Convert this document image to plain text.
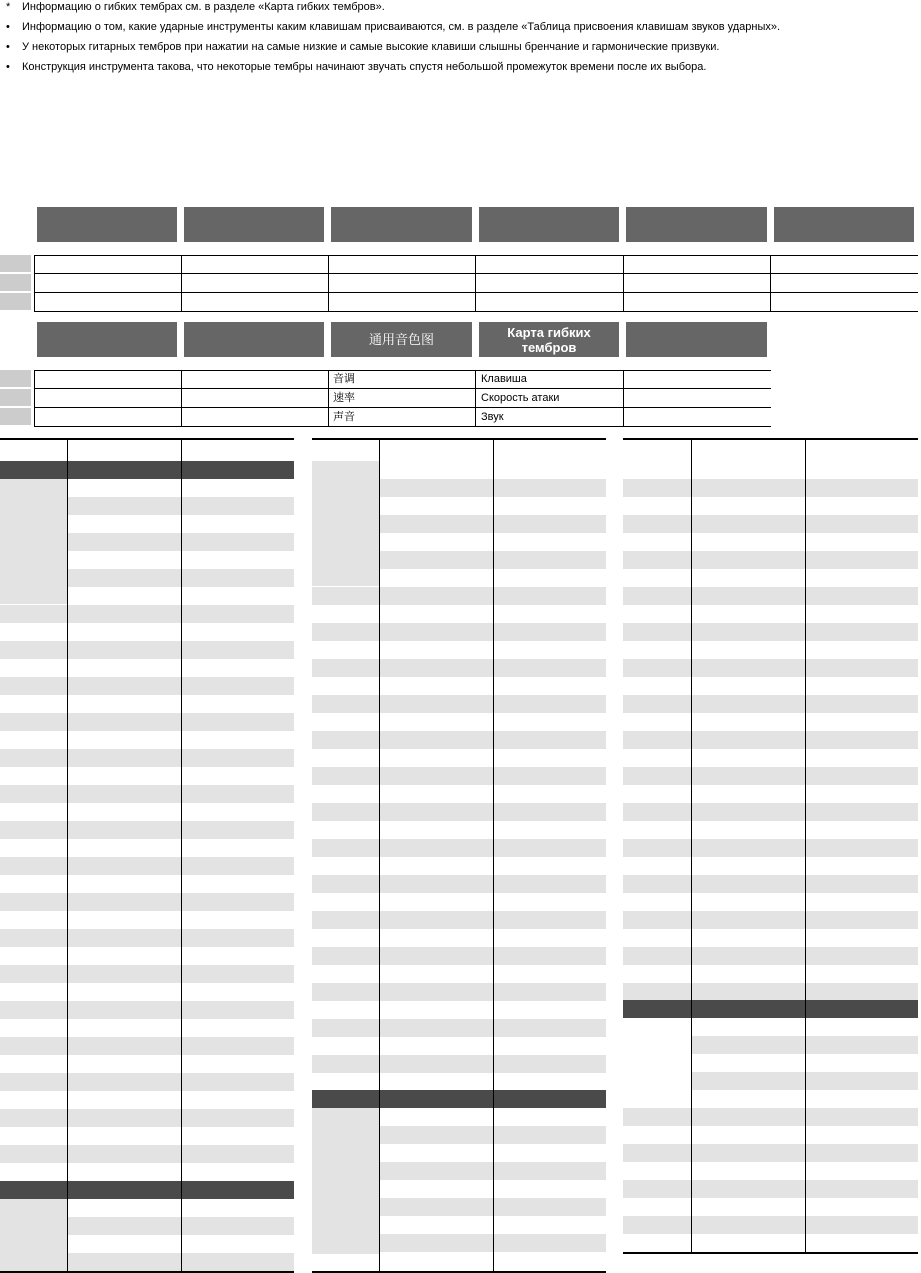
*	Информацию о гибких тембрах см. в разделе «Карта гибких тембров».
•	Информацию о том, какие ударные инструменты каким клавишам присваиваются, см. в разделе «Таблица присвоения клавишам звуков ударных».
•	У некоторых гитарных тембров при нажатии на самые низкие и самые высокие клавиши слышны бренчание и гармонические призвуки.
•	Конструкция инструмента такова, что некоторые тембры начинают звучать спустя небольшой промежуток времени после их выбора.
通用音色图	Карта гибких
тембров
音调	Клавиша
速率	Скорость атаки
声音	Звук
